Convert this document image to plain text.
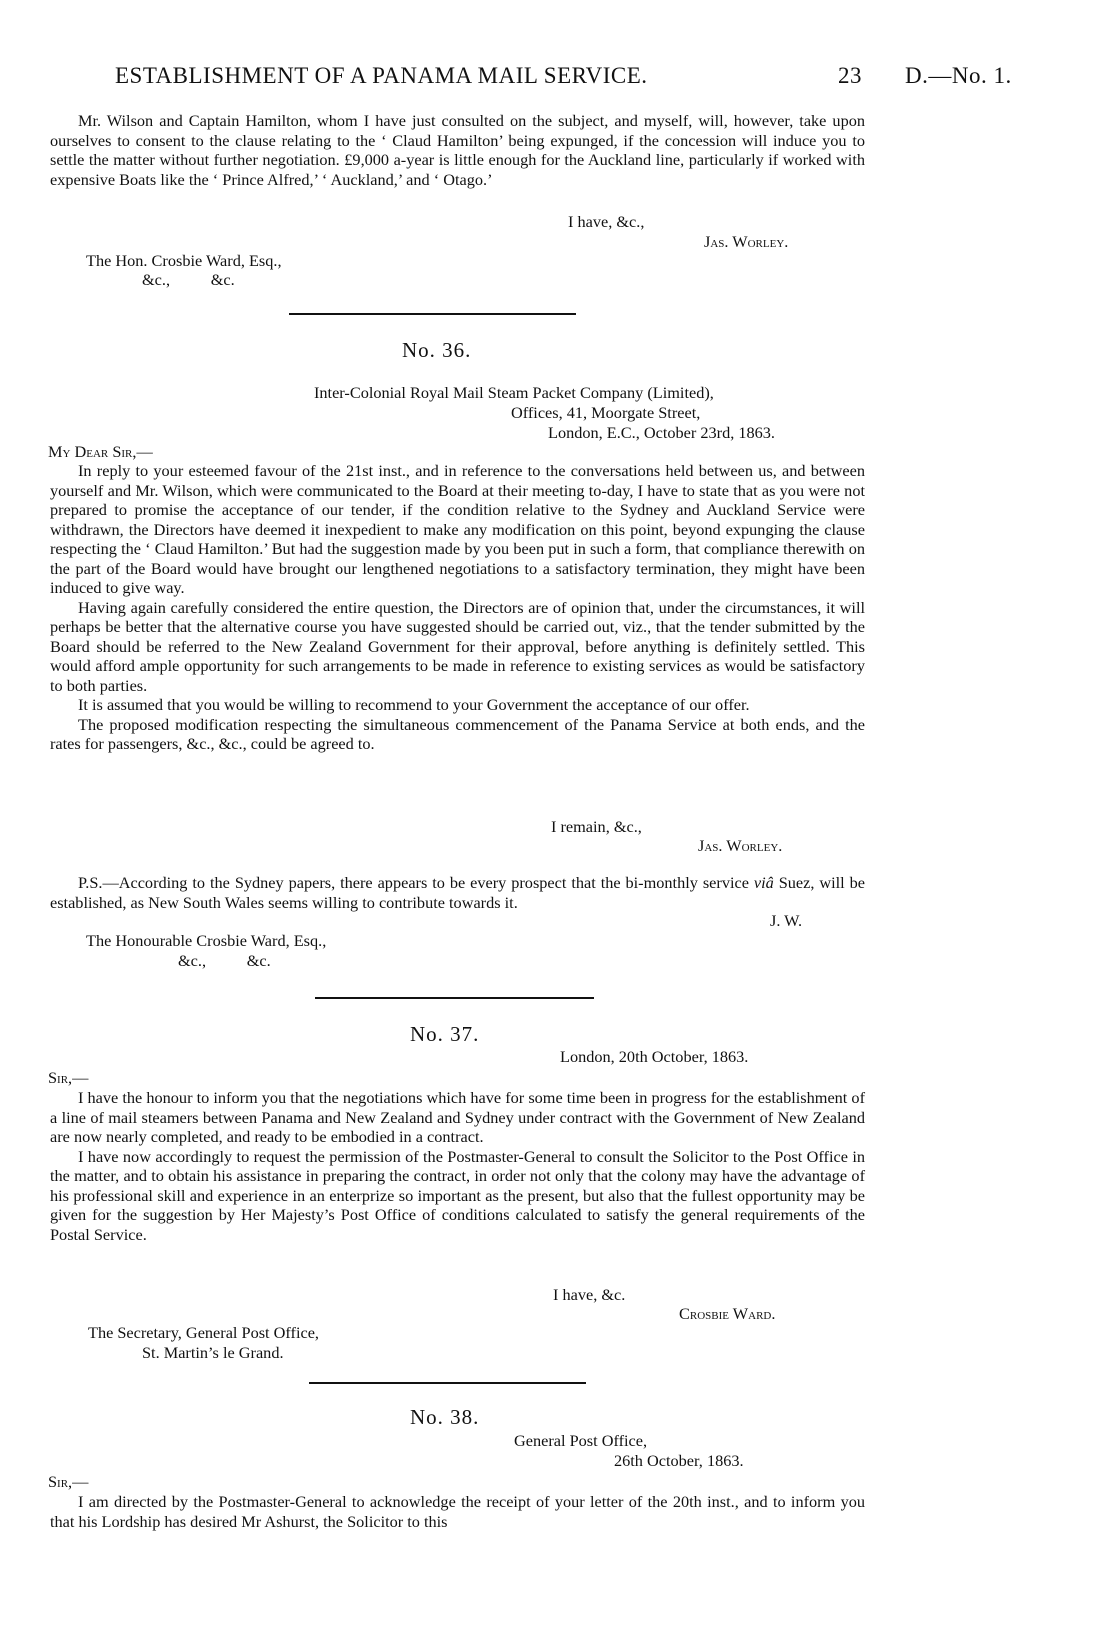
ESTABLISHMENT OF A PANAMA MAIL SERVICE.	23 D.—No. 1.

Mr. Wilson and Captain Hamilton, whom I have just consulted on the subject, and myself, will, however, take upon ourselves to consent to the clause relating to the ‘ Claud Hamilton’ being expunged, if the concession will induce you to settle the matter without further negotiation. £9,000 a-year is little enough for the Auckland line, particularly if worked with expensive Boats like the ‘ Prince Alfred,’ ‘ Auckland,’ and ‘ Otago.’

I have, &c.,
Jas. Worley.
The Hon. Crosbie Ward, Esq.,
&c.,          &c.
No. 36.
Inter-Colonial Royal Mail Steam Packet Company (Limited),
Offices, 41, Moorgate Street,
London, E.C., October 23rd, 1863.
My Dear Sir,—

In reply to your esteemed favour of the 21st inst., and in reference to the conversations held between us, and between yourself and Mr. Wilson, which were communicated to the Board at their meeting to-day, I have to state that as you were not prepared to promise the acceptance of our tender, if the condition relative to the Sydney and Auckland Service were withdrawn, the Directors have deemed it inexpedient to make any modification on this point, beyond expunging the clause respecting the ‘ Claud Hamilton.’ But had the suggestion made by you been put in such a form, that compliance therewith on the part of the Board would have brought our lengthened negotiations to a satisfactory termination, they might have been induced to give way.

Having again carefully considered the entire question, the Directors are of opinion that, under the circumstances, it will perhaps be better that the alternative course you have suggested should be carried out, viz., that the tender submitted by the Board should be referred to the New Zealand Government for their approval, before anything is definitely settled. This would afford ample opportunity for such arrangements to be made in reference to existing services as would be satisfactory to both parties.

It is assumed that you would be willing to recommend to your Government the acceptance of our offer.

The proposed modification respecting the simultaneous commencement of the Panama Service at both ends, and the rates for passengers, &c., &c., could be agreed to.

I remain, &c.,
Jas. Worley.

P.S.—According to the Sydney papers, there appears to be every prospect that the bi-monthly service viâ Suez, will be established, as New South Wales seems willing to contribute towards it.

J. W.
The Honourable Crosbie Ward, Esq.,
&c.,          &c.
No. 37.
London, 20th October, 1863.
Sir,—

I have the honour to inform you that the negotiations which have for some time been in progress for the establishment of a line of mail steamers between Panama and New Zealand and Sydney under contract with the Government of New Zealand are now nearly completed, and ready to be embodied in a contract.

I have now accordingly to request the permission of the Postmaster-General to consult the Solicitor to the Post Office in the matter, and to obtain his assistance in preparing the contract, in order not only that the colony may have the advantage of his professional skill and experience in an enterprize so important as the present, but also that the fullest opportunity may be given for the suggestion by Her Majesty’s Post Office of conditions calculated to satisfy the general requirements of the Postal Service.

I have, &c.
Crosbie Ward.
The Secretary, General Post Office,
St. Martin’s le Grand.
No. 38.
General Post Office,
26th October, 1863.
Sir,—

I am directed by the Postmaster-General to acknowledge the receipt of your letter of the 20th inst., and to inform you that his Lordship has desired Mr Ashurst, the Solicitor to this
